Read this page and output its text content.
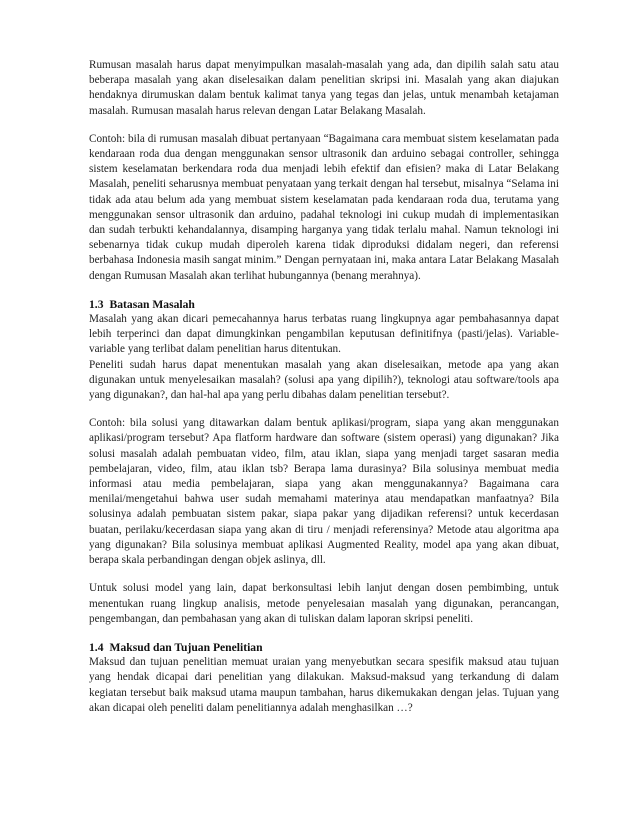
Rumusan masalah harus dapat menyimpulkan masalah-masalah yang ada, dan dipilih salah satu atau beberapa masalah yang akan diselesaikan dalam penelitian skripsi ini. Masalah yang akan diajukan hendaknya dirumuskan dalam bentuk kalimat tanya yang tegas dan jelas, untuk menambah ketajaman masalah. Rumusan masalah harus relevan dengan Latar Belakang Masalah.

Contoh: bila di rumusan masalah dibuat pertanyaan “Bagaimana cara membuat sistem keselamatan pada kendaraan roda dua dengan menggunakan sensor ultrasonik dan arduino sebagai controller, sehingga sistem keselamatan berkendara roda dua menjadi lebih efektif dan efisien? maka di Latar Belakang Masalah, peneliti seharusnya membuat penyataan yang terkait dengan hal tersebut, misalnya “Selama ini tidak ada atau belum ada yang membuat sistem keselamatan pada kendaraan roda dua, terutama yang menggunakan sensor ultrasonik dan arduino, padahal teknologi ini cukup mudah di implementasikan dan sudah terbukti kehandalannya, disamping harganya yang tidak terlalu mahal. Namun teknologi ini sebenarnya tidak cukup mudah diperoleh karena tidak diproduksi didalam negeri, dan referensi berbahasa Indonesia masih sangat minim.” Dengan pernyataan ini, maka antara Latar Belakang Masalah dengan Rumusan Masalah akan terlihat hubungannya (benang merahnya).

1.3 Batasan Masalah

Masalah yang akan dicari pemecahannya harus terbatas ruang lingkupnya agar pembahasannya dapat lebih terperinci dan dapat dimungkinkan pengambilan keputusan definitifnya (pasti/jelas). Variable-variable yang terlibat dalam penelitian harus ditentukan.

Peneliti sudah harus dapat menentukan masalah yang akan diselesaikan, metode apa yang akan digunakan untuk menyelesaikan masalah? (solusi apa yang dipilih?), teknologi atau software/tools apa yang digunakan?, dan hal-hal apa yang perlu dibahas dalam penelitian tersebut?.

Contoh: bila solusi yang ditawarkan dalam bentuk aplikasi/program, siapa yang akan menggunakan aplikasi/program tersebut? Apa flatform hardware dan software (sistem operasi) yang digunakan? Jika solusi masalah adalah pembuatan video, film, atau iklan, siapa yang menjadi target sasaran media pembelajaran, video, film, atau iklan tsb? Berapa lama durasinya? Bila solusinya membuat media informasi atau media pembelajaran, siapa yang akan menggunakannya? Bagaimana cara menilai/mengetahui bahwa user sudah memahami materinya atau mendapatkan manfaatnya? Bila solusinya adalah pembuatan sistem pakar, siapa pakar yang dijadikan referensi? untuk kecerdasan buatan, perilaku/kecerdasan siapa yang akan di tiru / menjadi referensinya? Metode atau algoritma apa yang digunakan? Bila solusinya membuat aplikasi Augmented Reality, model apa yang akan dibuat, berapa skala perbandingan dengan objek aslinya, dll.

Untuk solusi model yang lain, dapat berkonsultasi lebih lanjut dengan dosen pembimbing, untuk menentukan ruang lingkup analisis, metode penyelesaian masalah yang digunakan, perancangan, pengembangan, dan pembahasan yang akan di tuliskan dalam laporan skripsi peneliti.

1.4 Maksud dan Tujuan Penelitian

Maksud dan tujuan penelitian memuat uraian yang menyebutkan secara spesifik maksud atau tujuan yang hendak dicapai dari penelitian yang dilakukan. Maksud-maksud yang terkandung di dalam kegiatan tersebut baik maksud utama maupun tambahan, harus dikemukakan dengan jelas. Tujuan yang akan dicapai oleh peneliti dalam penelitiannya adalah menghasilkan …?
